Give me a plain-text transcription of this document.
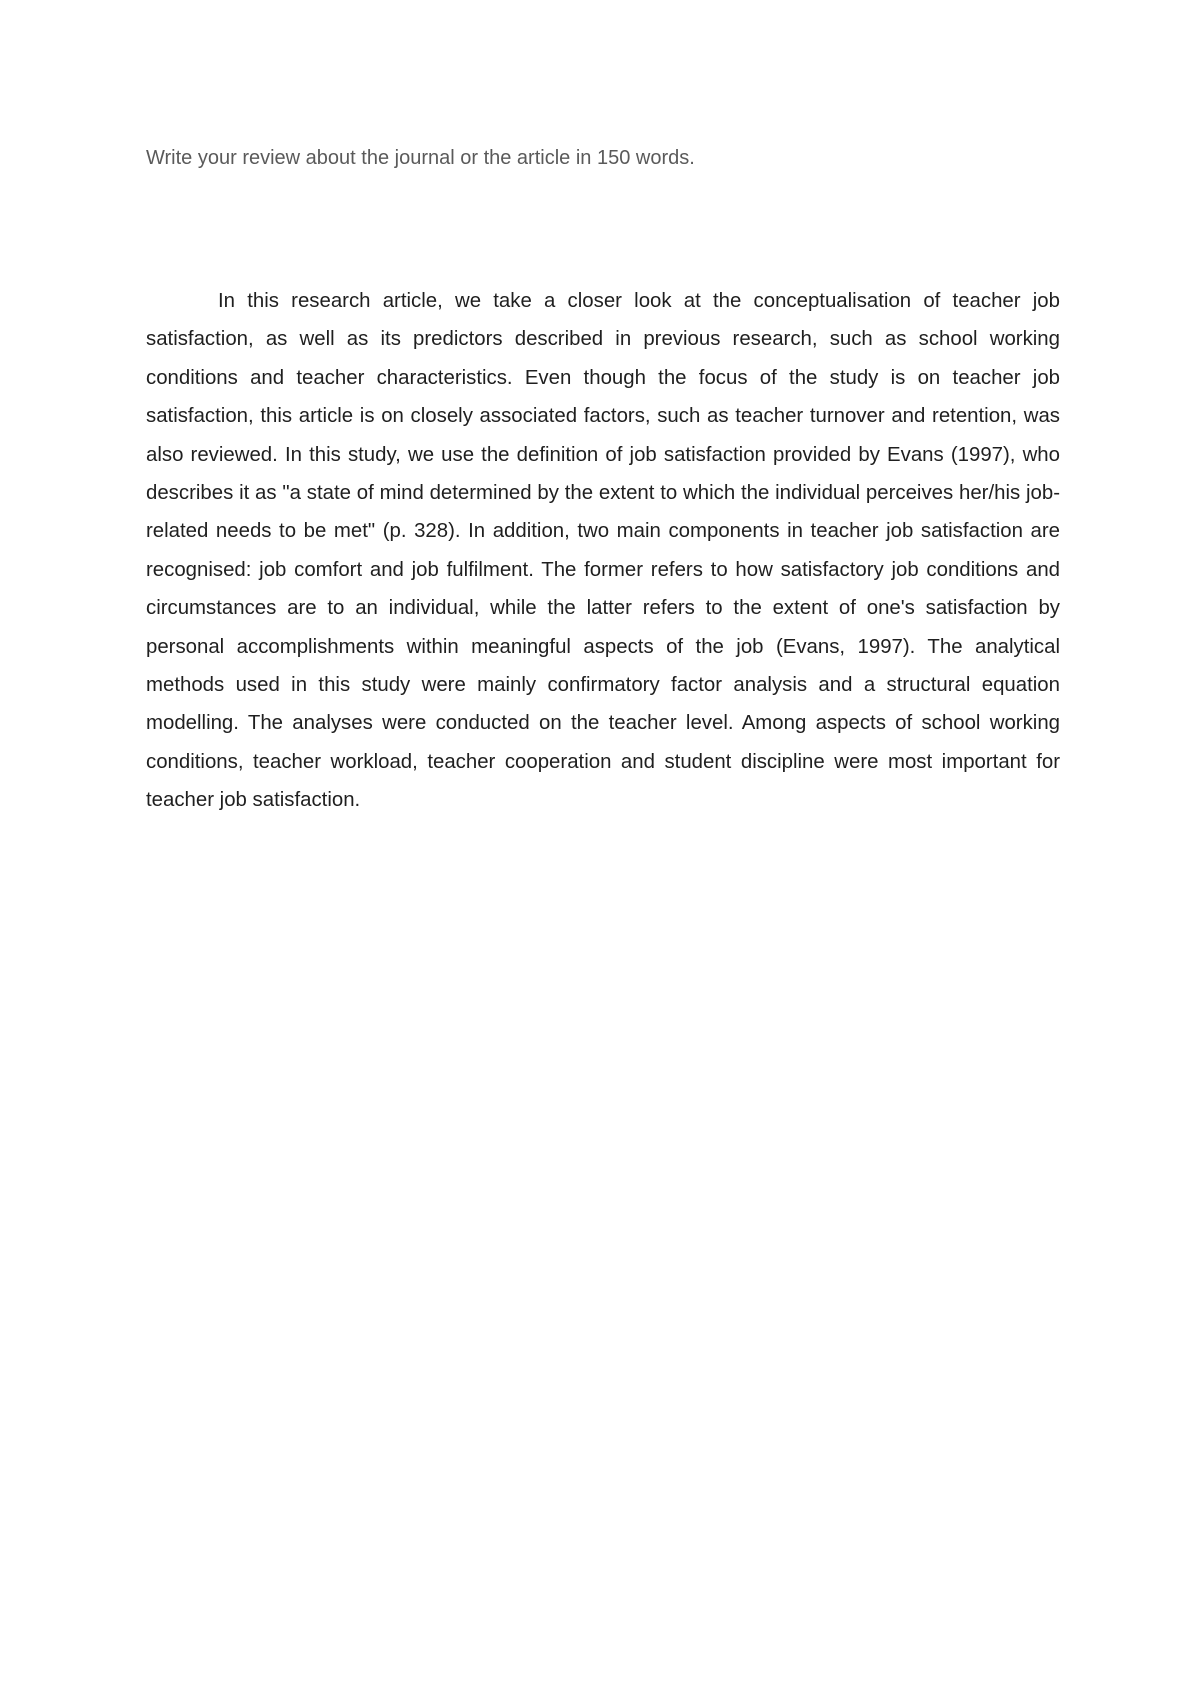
Write your review about the journal or the article in 150 words.

In this research article, we take a closer look at the conceptualisation of teacher job satisfaction, as well as its predictors described in previous research, such as school working conditions and teacher characteristics. Even though the focus of the study is on teacher job satisfaction, this article is on closely associated factors, such as teacher turnover and retention, was also reviewed. In this study, we use the definition of job satisfaction provided by Evans (1997), who describes it as "a state of mind determined by the extent to which the individual perceives her/his job-related needs to be met" (p. 328). In addition, two main components in teacher job satisfaction are recognised: job comfort and job fulfilment. The former refers to how satisfactory job conditions and circumstances are to an individual, while the latter refers to the extent of one's satisfaction by personal accomplishments within meaningful aspects of the job (Evans, 1997). The analytical methods used in this study were mainly confirmatory factor analysis and a structural equation modelling. The analyses were conducted on the teacher level. Among aspects of school working conditions, teacher workload, teacher cooperation and student discipline were most important for teacher job satisfaction.
